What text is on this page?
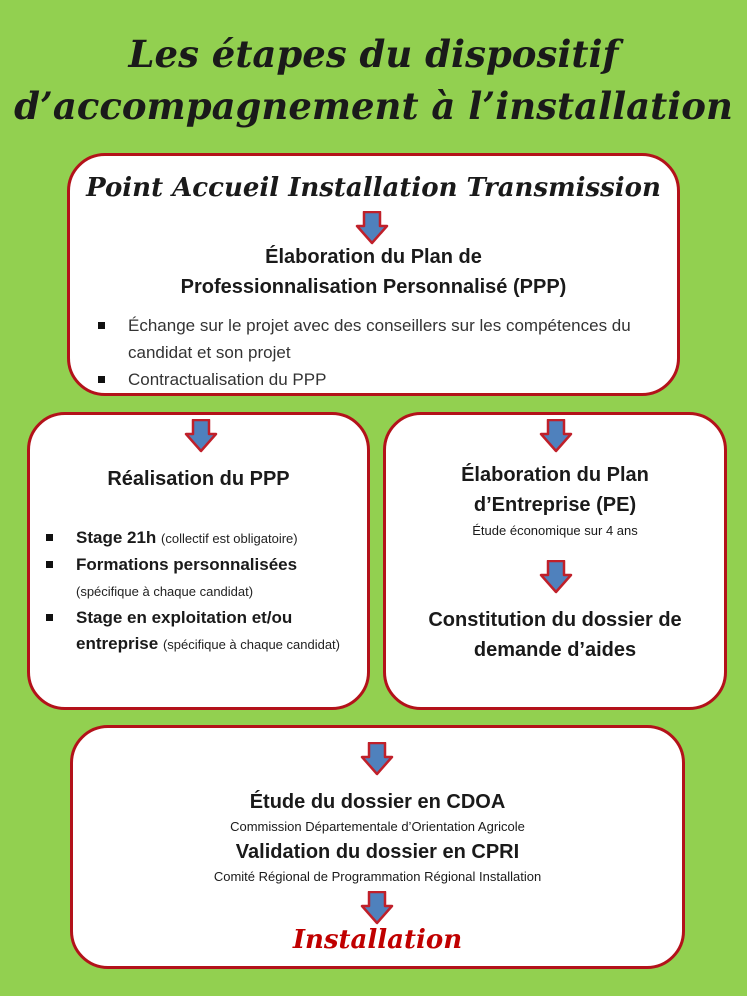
Les étapes du dispositif
d’accompagnement à l’installation
Point Accueil Installation Transmission
Élaboration du Plan de
Professionnalisation Personnalisé (PPP)
Échange sur le projet avec des conseillers sur les compétences du candidat et son projet
Contractualisation du PPP
Réalisation du PPP
Stage 21h (collectif est obligatoire)
Formations personnalisées
(spécifique à chaque candidat)
Stage en exploitation et/ou entreprise (spécifique à chaque candidat)
Élaboration du Plan
d’Entreprise (PE)
Étude économique sur 4 ans
Constitution du dossier de
demande d’aides
Étude du dossier en CDOA
Commission Départementale d’Orientation Agricole
Validation du dossier en CPRI
Comité Régional de Programmation Régional Installation
Installation
